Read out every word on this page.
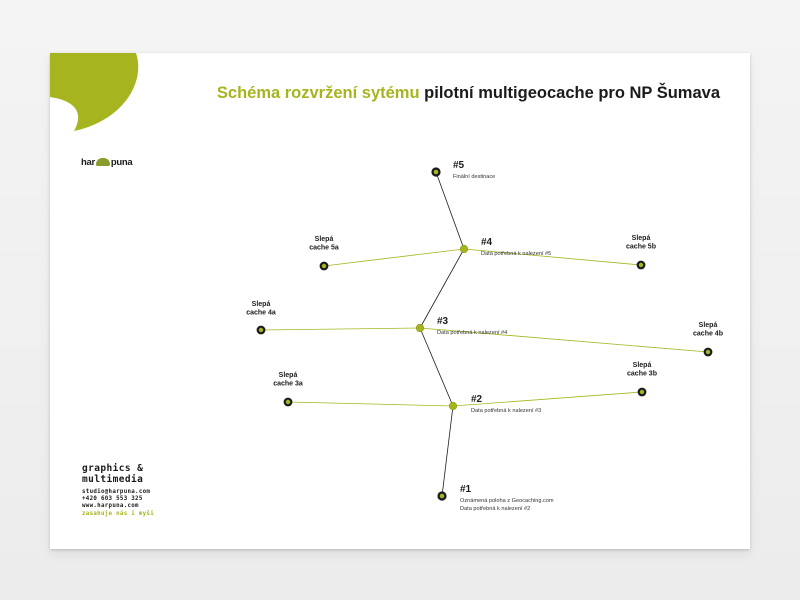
Schéma rozvržení sytému pilotní multigeocache pro NP Šumava
har puna	#5
Finální destinace
#4
Data potřebná k nalezení #5
#3
Data potřebná k nalezení #4
#2
Data potřebná k nalezení #3
#1
Oznámená poloha z Geocaching.com
Data potřebná k nalezení #2
Slepá
cache 5a
Slepá
cache 5b
Slepá
cache 4a
Slepá
cache 4b
Slepá
cache 3a
Slepá
cache 3b
graphics &
multimedia
studio@harpuna.com
+420 603 553 325
www.harpuna.com
zasahuje nás i myši
